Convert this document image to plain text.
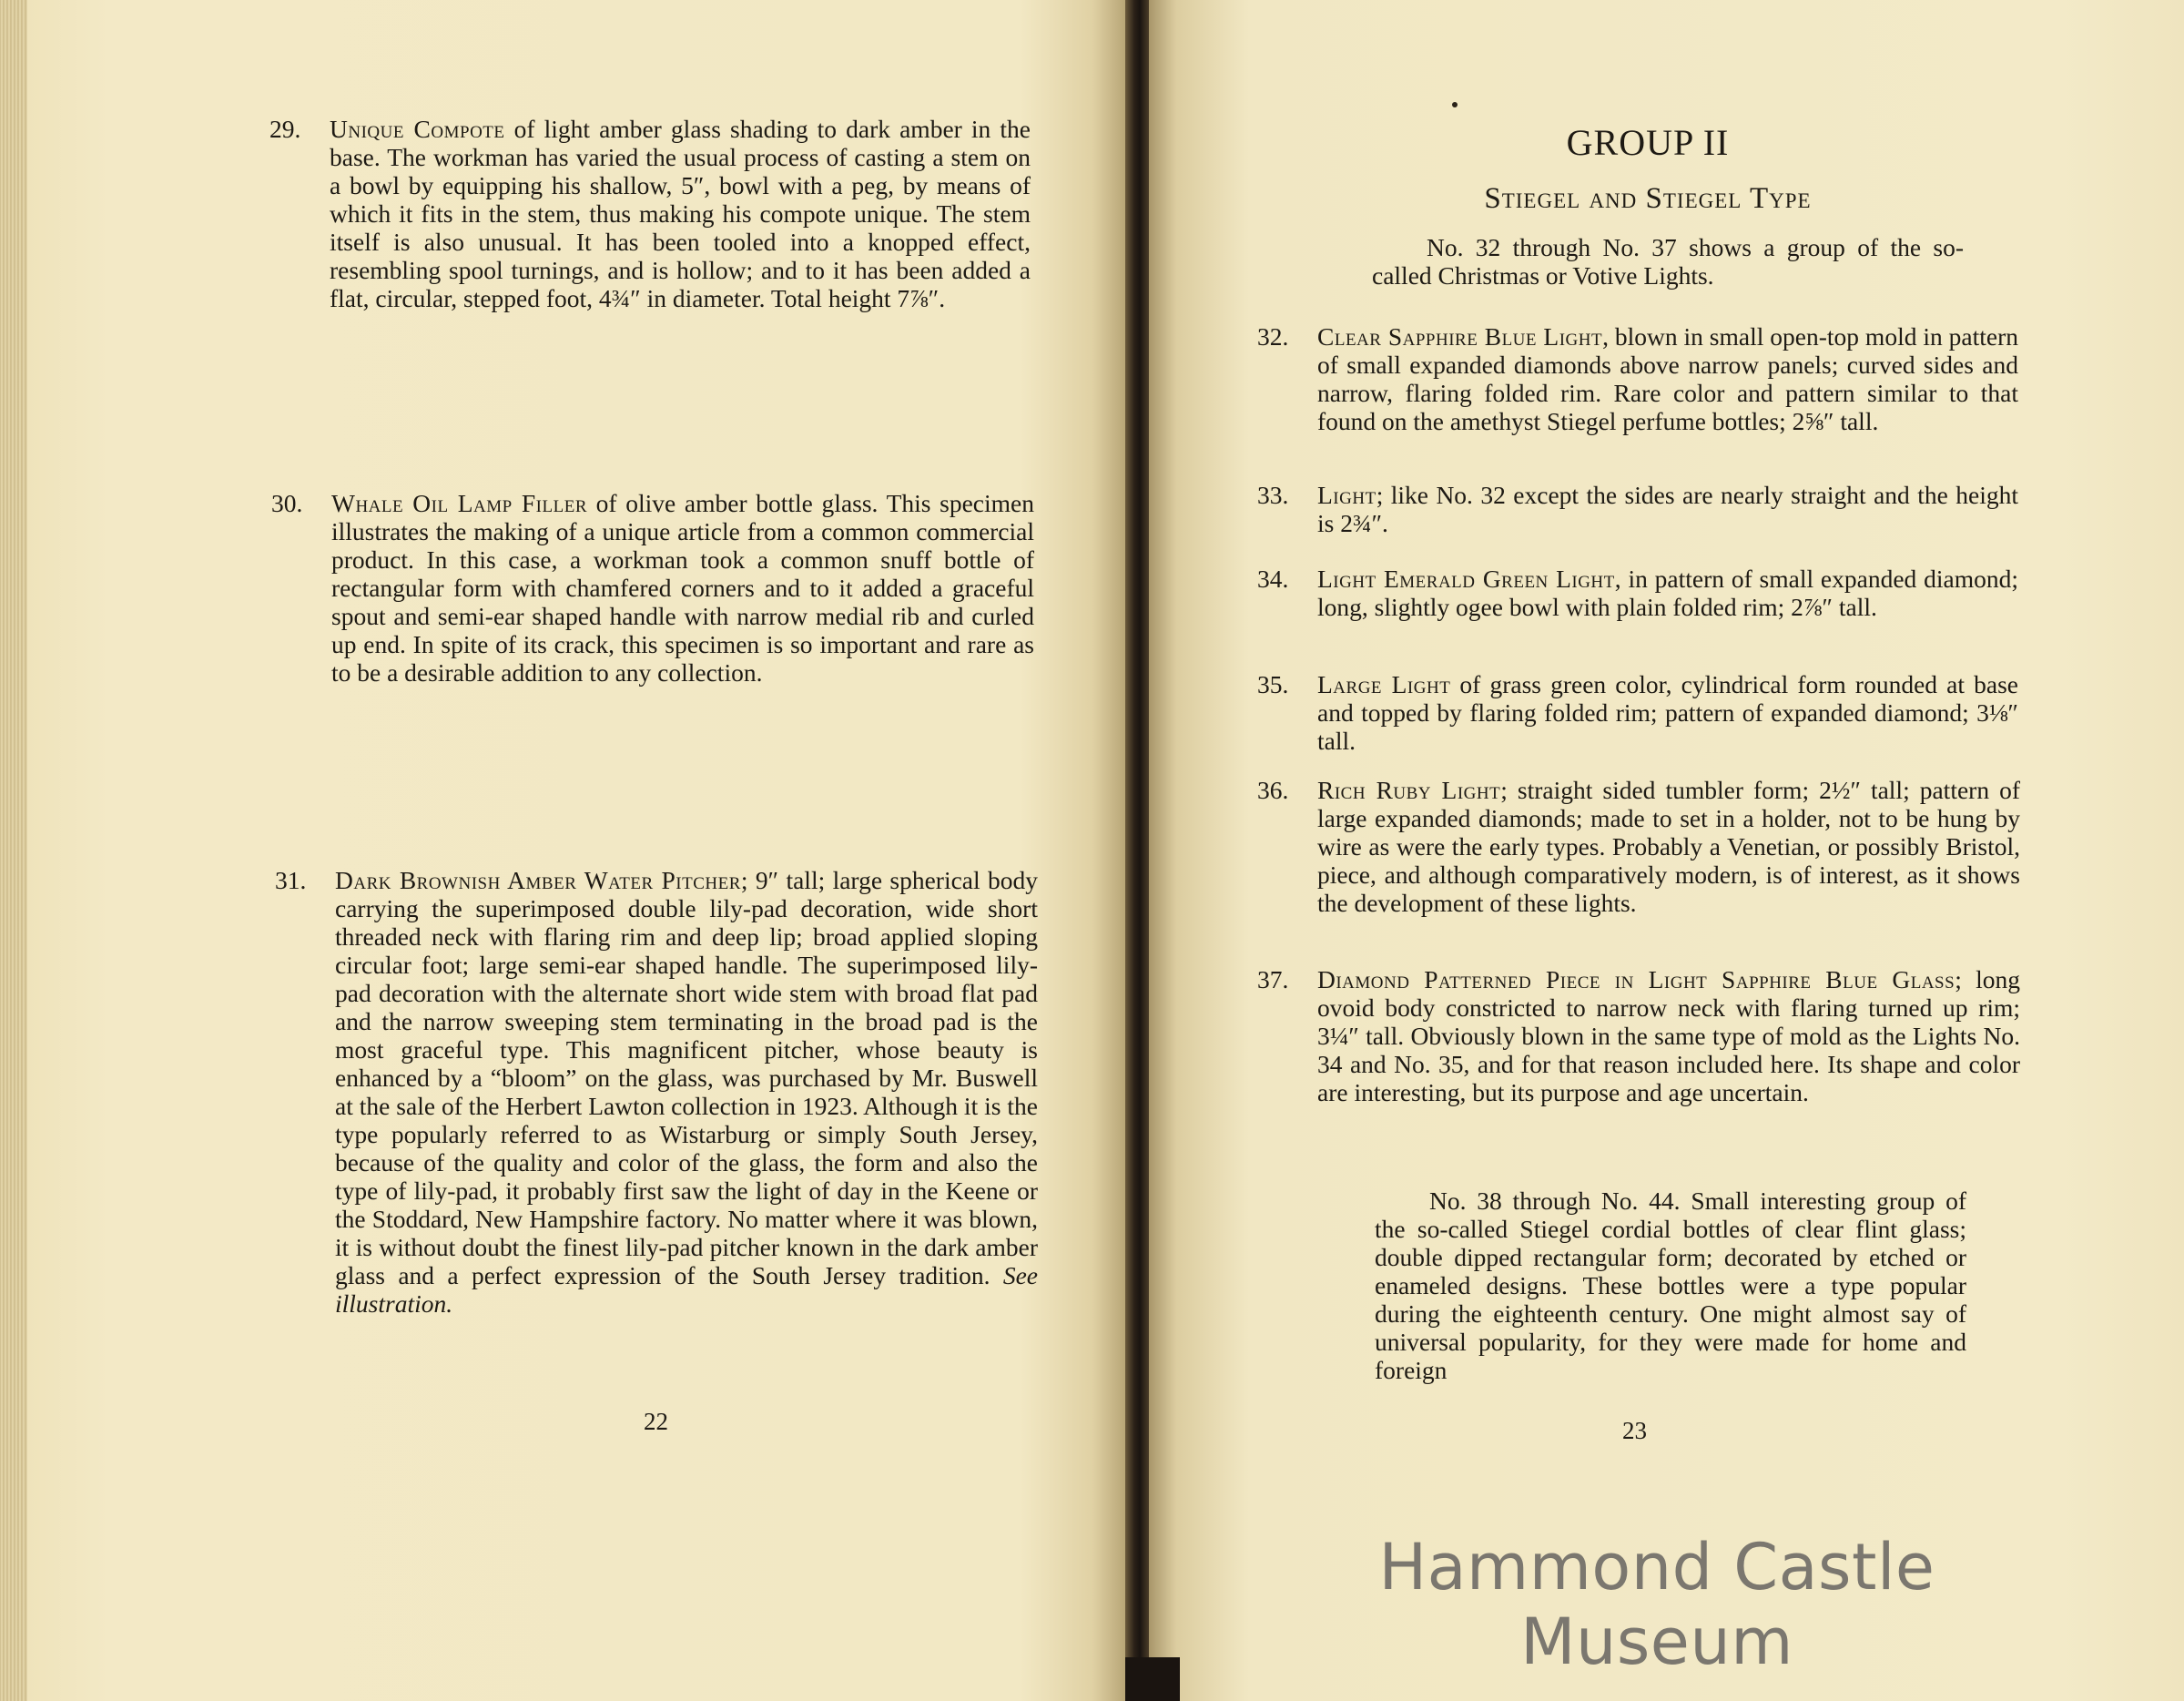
29. Unique Compote of light amber glass shading to dark amber in the base. The workman has varied the usual process of casting a stem on a bowl by equipping his shallow, 5″, bowl with a peg, by means of which it fits in the stem, thus making his compote unique. The stem itself is also unusual. It has been tooled into a knopped effect, resembling spool turnings, and is hollow; and to it has been added a flat, circular, stepped foot, 4¾″ in diameter. Total height 7⅞″.
30. Whale Oil Lamp Filler of olive amber bottle glass. This specimen illustrates the making of a unique article from a common commercial product. In this case, a workman took a common snuff bottle of rectangular form with chamfered corners and to it added a graceful spout and semi-ear shaped handle with narrow medial rib and curled up end. In spite of its crack, this specimen is so important and rare as to be a desirable addition to any collection.
31. Dark Brownish Amber Water Pitcher; 9″ tall; large spherical body carrying the superimposed double lily-pad decoration, wide short threaded neck with flaring rim and deep lip; broad applied sloping circular foot; large semi-ear shaped handle. The superimposed lily-pad decoration with the alternate short wide stem with broad flat pad and the narrow sweeping stem terminating in the broad pad is the most graceful type. This magnificent pitcher, whose beauty is enhanced by a “bloom” on the glass, was purchased by Mr. Buswell at the sale of the Herbert Lawton collection in 1923. Although it is the type popularly referred to as Wistarburg or simply South Jersey, because of the quality and color of the glass, the form and also the type of lily-pad, it probably first saw the light of day in the Keene or the Stoddard, New Hampshire factory. No matter where it was blown, it is without doubt the finest lily-pad pitcher known in the dark amber glass and a perfect expression of the South Jersey tradition. See illustration.
22
GROUP II
Stiegel and Stiegel Type
No. 32 through No. 37 shows a group of the so-called Christmas or Votive Lights.
32. Clear Sapphire Blue Light, blown in small open-top mold in pattern of small expanded diamonds above narrow panels; curved sides and narrow, flaring folded rim. Rare color and pattern similar to that found on the amethyst Stiegel perfume bottles; 2⅝″ tall.
33. Light; like No. 32 except the sides are nearly straight and the height is 2¾″.
34. Light Emerald Green Light, in pattern of small expanded diamond; long, slightly ogee bowl with plain folded rim; 2⅞″ tall.
35. Large Light of grass green color, cylindrical form rounded at base and topped by flaring folded rim; pattern of expanded diamond; 3⅛″ tall.
36. Rich Ruby Light; straight sided tumbler form; 2½″ tall; pattern of large expanded diamonds; made to set in a holder, not to be hung by wire as were the early types. Probably a Venetian, or possibly Bristol, piece, and although comparatively modern, is of interest, as it shows the development of these lights.
37. Diamond Patterned Piece in Light Sapphire Blue Glass; long ovoid body constricted to narrow neck with flaring turned up rim; 3¼″ tall. Obviously blown in the same type of mold as the Lights No. 34 and No. 35, and for that reason included here. Its shape and color are interesting, but its purpose and age uncertain.
No. 38 through No. 44. Small interesting group of the so-called Stiegel cordial bottles of clear flint glass; double dipped rectangular form; decorated by etched or enameled designs. These bottles were a type popular during the eighteenth century. One might almost say of universal popularity, for they were made for home and foreign
23
Hammond Castle Museum
